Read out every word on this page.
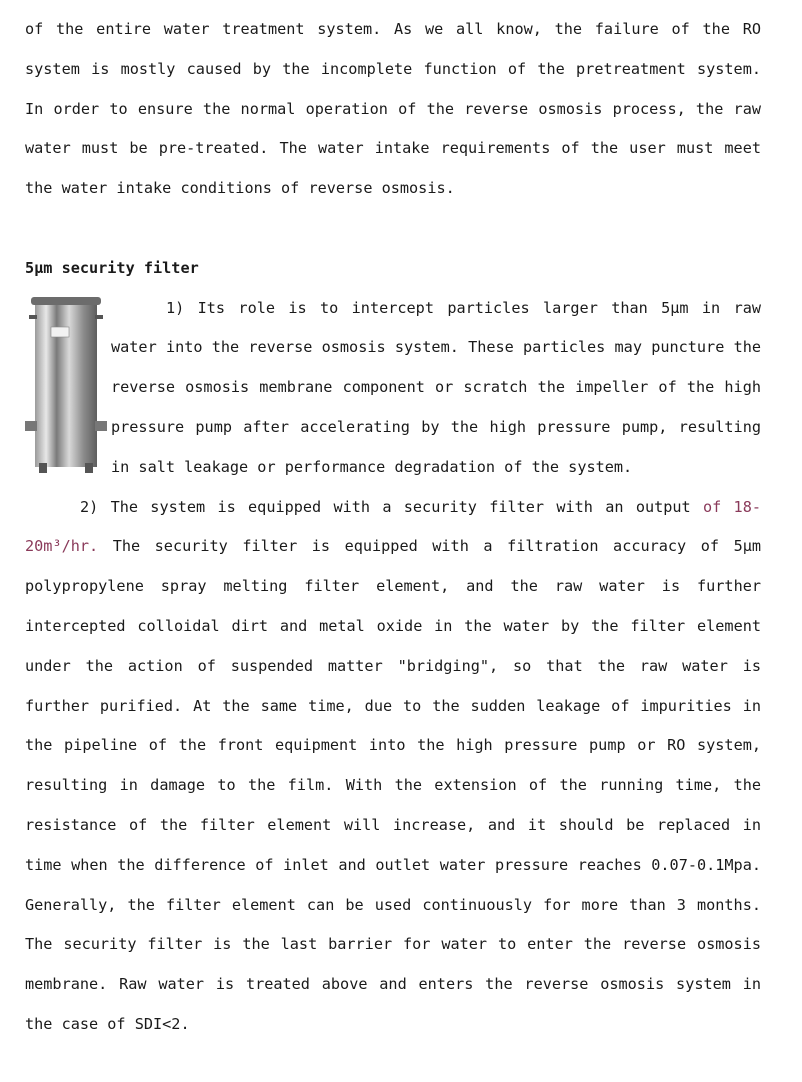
of the entire water treatment system. As we all know, the failure of the RO system is mostly caused by the incomplete function of the pretreatment system. In order to ensure the normal operation of the reverse osmosis process, the raw water must be pre-treated. The water intake requirements of the user must meet the water intake conditions of reverse osmosis.

5μm security filter

1) Its role is to intercept particles larger than 5μm in raw water into the reverse osmosis system. These particles may puncture the reverse osmosis membrane component or scratch the impeller of the high pressure pump after accelerating by the high pressure pump, resulting in salt leakage or performance degradation of the system.

2) The system is equipped with a security filter with an output of 18-20m³/hr. The security filter is equipped with a filtration accuracy of 5μm polypropylene spray melting filter element, and the raw water is further intercepted colloidal dirt and metal oxide in the water by the filter element under the action of suspended matter "bridging", so that the raw water is further purified. At the same time, due to the sudden leakage of impurities in the pipeline of the front equipment into the high pressure pump or RO system, resulting in damage to the film. With the extension of the running time, the resistance of the filter element will increase, and it should be replaced in time when the difference of inlet and outlet water pressure reaches 0.07-0.1Mpa. Generally, the filter element can be used continuously for more than 3 months. The security filter is the last barrier for water to enter the reverse osmosis membrane. Raw water is treated above and enters the reverse osmosis system in the case of SDI<2.
